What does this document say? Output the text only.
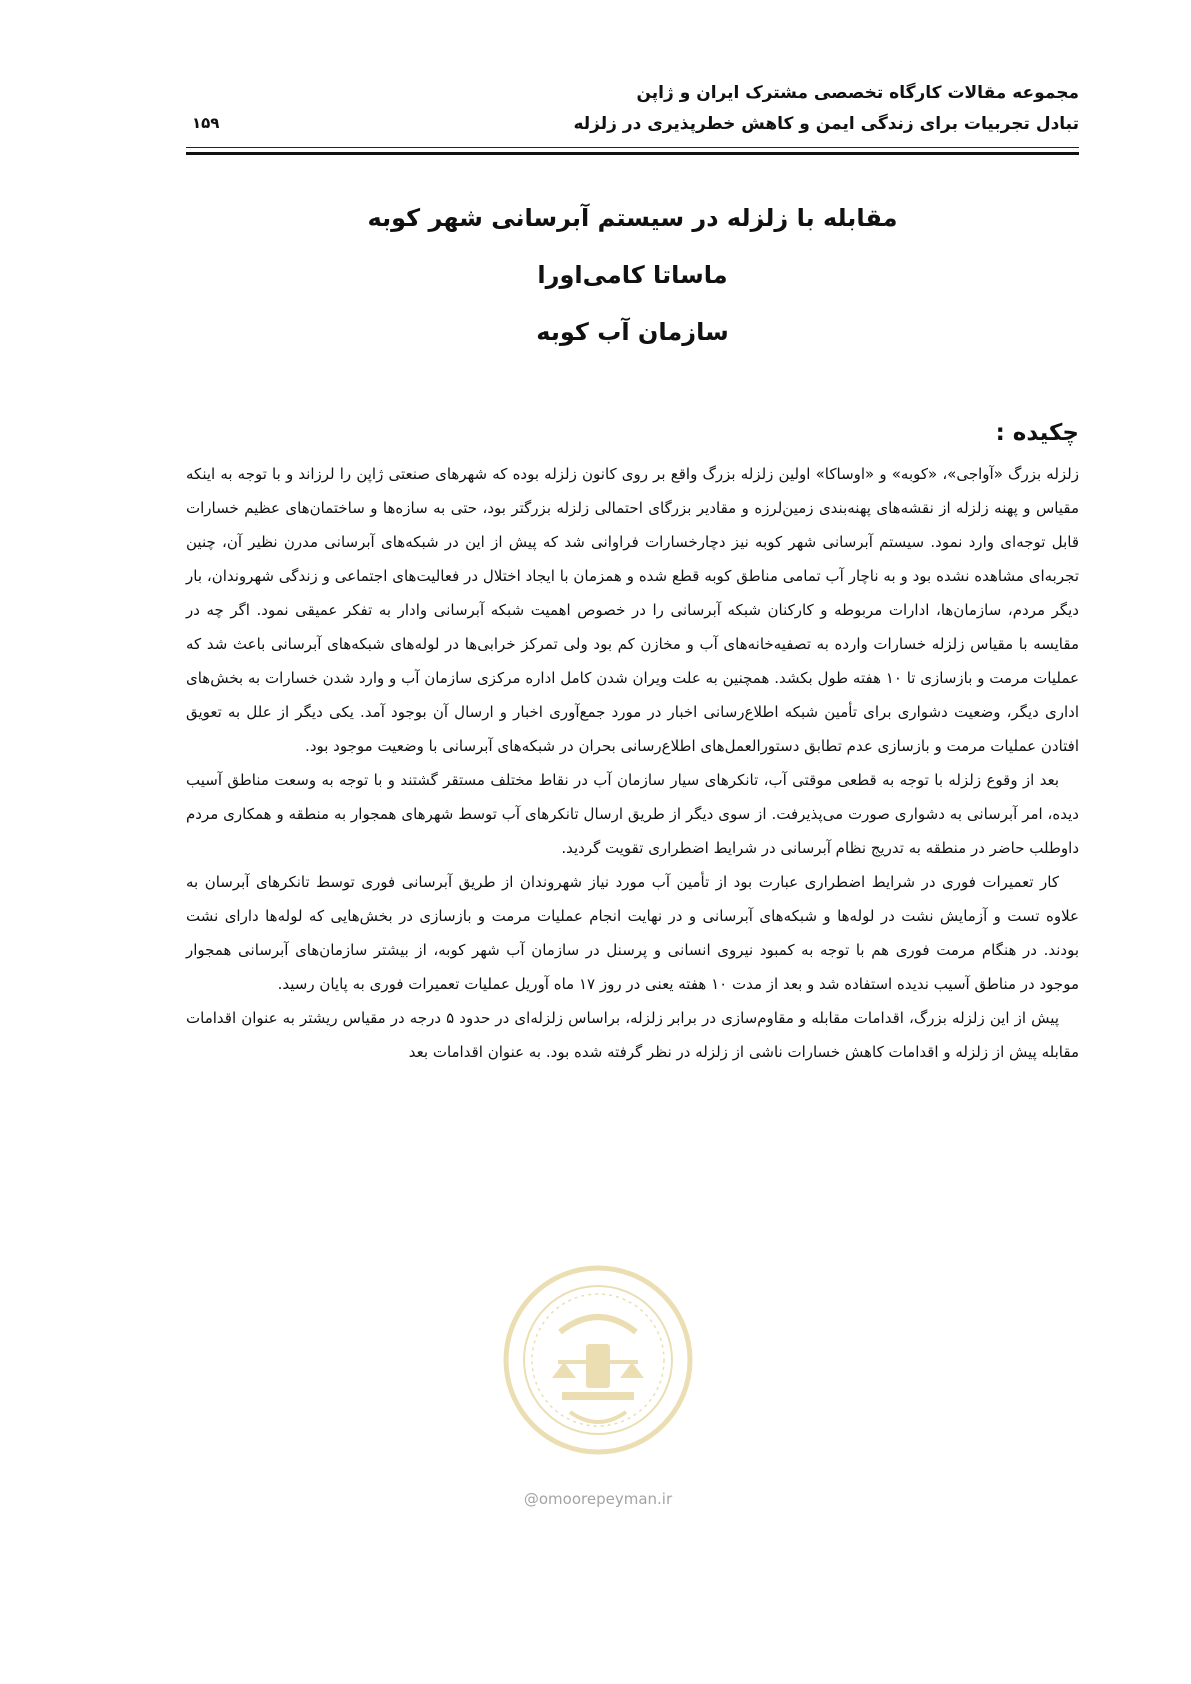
مجموعه مقالات کارگاه تخصصی مشترک ایران و ژاپن
تبادل تجربیات برای زندگی ایمن و کاهش خطرپذیری در زلزله
۱۵۹
مقابله با زلزله در سیستم آبرسانی شهر کوبه
ماساتا کامی‌اورا
سازمان آب کوبه
چکیده :

زلزله بزرگ «آواجی»، «کوبه» و «اوساکا» اولین زلزله بزرگ واقع بر روی کانون زلزله بوده که شهرهای صنعتی ژاپن را لرزاند و با توجه به اینکه مقیاس و پهنه زلزله از نقشه‌های پهنه‌بندی زمین‌لرزه و مقادیر بزرگای احتمالی زلزله بزرگتر بود، حتی به سازه‌ها و ساختمان‌های عظیم خسارات قابل توجه‌ای وارد نمود. سیستم آبرسانی شهر کوبه نیز دچارخسارات فراوانی شد که پیش از این در شبکه‌های آبرسانی مدرن نظیر آن، چنین تجربه‌ای مشاهده نشده بود و به ناچار آب تمامی مناطق کوبه قطع شده و همزمان با ایجاد اختلال در فعالیت‌های اجتماعی و زندگی شهروندان، بار دیگر مردم، سازمان‌ها، ادارات مربوطه و کارکنان شبکه آبرسانی را در خصوص اهمیت شبکه آبرسانی وادار به تفکر عمیقی نمود. اگر چه در مقایسه با مقیاس زلزله خسارات وارده به تصفیه‌خانه‌های آب و مخازن کم بود ولی تمرکز خرابی‌ها در لوله‌های شبکه‌های آبرسانی باعث شد که عملیات مرمت و بازسازی تا ۱۰ هفته طول بکشد. همچنین به علت ویران شدن کامل اداره مرکزی سازمان آب و وارد شدن خسارات به بخش‌های اداری دیگر، وضعیت دشواری برای تأمین شبکه اطلاع‌رسانی اخبار در مورد جمع‌آوری اخبار و ارسال آن بوجود آمد. یکی دیگر از علل به تعویق افتادن عملیات مرمت و بازسازی عدم تطابق دستورالعمل‌های اطلاع‌رسانی بحران در شبکه‌های آبرسانی با وضعیت موجود بود.

بعد از وقوع زلزله با توجه به قطعی موقتی آب، تانکرهای سیار سازمان آب در نقاط مختلف مستقر گشتند و با توجه به وسعت مناطق آسیب دیده، امر آبرسانی به دشواری صورت می‌پذیرفت. از سوی دیگر از طریق ارسال تانکرهای آب توسط شهرهای همجوار به منطقه و همکاری مردم داوطلب حاضر در منطقه به تدریج نظام آبرسانی در شرایط اضطراری تقویت گردید.

کار تعمیرات فوری در شرایط اضطراری عبارت بود از تأمین آب مورد نیاز شهروندان از طریق آبرسانی فوری توسط تانکرهای آبرسان به علاوه تست و آزمایش نشت در لوله‌ها و شبکه‌های آبرسانی و در نهایت انجام عملیات مرمت و بازسازی در بخش‌هایی که لوله‌ها دارای نشت بودند. در هنگام مرمت فوری هم با توجه به کمبود نیروی انسانی و پرسنل در سازمان آب شهر کوبه، از بیشتر سازمان‌های آبرسانی همجوار موجود در مناطق آسیب ندیده استفاده شد و بعد از مدت ۱۰ هفته یعنی در روز ۱۷ ماه آوریل عملیات تعمیرات فوری به پایان رسید.

پیش از این زلزله بزرگ، اقدامات مقابله و مقاوم‌سازی در برابر زلزله، براساس زلزله‌ای در حدود ۵ درجه در مقیاس ریشتر به عنوان اقدامات مقابله پیش از زلزله و اقدامات کاهش خسارات ناشی از زلزله در نظر گرفته شده بود. به عنوان اقدامات بعد

@omoorepeyman.ir
